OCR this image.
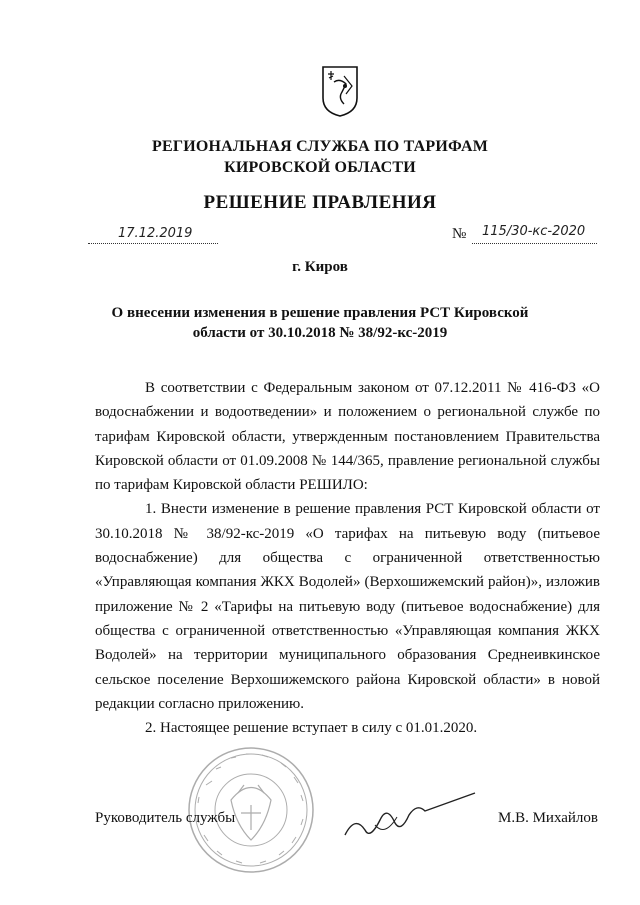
РЕГИОНАЛЬНАЯ СЛУЖБА ПО ТАРИФАМ
КИРОВСКОЙ ОБЛАСТИ
РЕШЕНИЕ ПРАВЛЕНИЯ
17.12.2019	№ 115/30-кс-2020
г. Киров
О внесении изменения в решение правления РСТ Кировской
области от 30.10.2018 № 38/92-кс-2019

В соответствии с Федеральным законом от 07.12.2011 № 416-ФЗ «О водоснабжении и водоотведении» и положением о региональной службе по тарифам Кировской области, утвержденным постановлением Правительства Кировской области от 01.09.2008 № 144/365, правление региональной службы по тарифам Кировской области РЕШИЛО:

1. Внести изменение в решение правления РСТ Кировской области от 30.10.2018 № 38/92-кс-2019 «О тарифах на питьевую воду (питьевое водоснабжение) для общества с ограниченной ответственностью «Управляющая компания ЖКХ Водолей» (Верхошижемский район)», изложив приложение № 2 «Тарифы на питьевую воду (питьевое водоснабжение) для общества с ограниченной ответственностью «Управляющая компания ЖКХ Водолей» на территории муниципального образования Среднеивкинское сельское поселение Верхошижемского района Кировской области» в новой редакции согласно приложению.

2. Настоящее решение вступает в силу с 01.01.2020.

Руководитель службы	М.В. Михайлов
